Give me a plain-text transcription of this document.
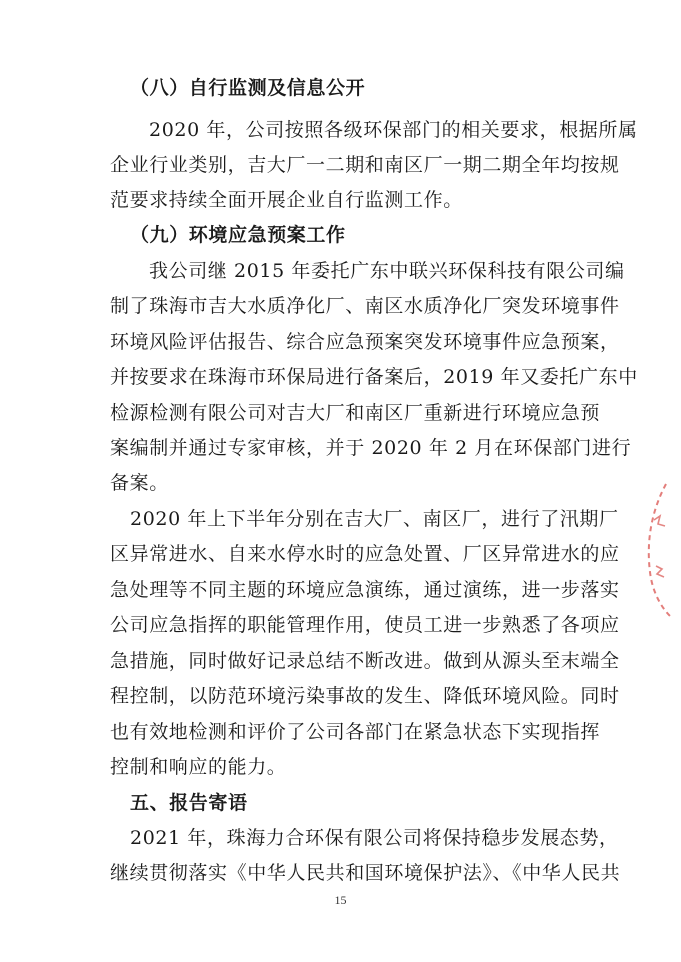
（八）自行监测及信息公开
2020 年，公司按照各级环保部门的相关要求，根据所属
企业行业类别，吉大厂一二期和南区厂一期二期全年均按规
范要求持续全面开展企业自行监测工作。
（九）环境应急预案工作
我公司继 2015 年委托广东中联兴环保科技有限公司编
制了珠海市吉大水质净化厂、南区水质净化厂突发环境事件
环境风险评估报告、综合应急预案突发环境事件应急预案，
并按要求在珠海市环保局进行备案后，2019 年又委托广东中
检源检测有限公司对吉大厂和南区厂重新进行环境应急预
案编制并通过专家审核，并于 2020 年 2 月在环保部门进行
备案。
2020 年上下半年分别在吉大厂、南区厂，进行了汛期厂
区异常进水、自来水停水时的应急处置、厂区异常进水的应
急处理等不同主题的环境应急演练，通过演练，进一步落实
公司应急指挥的职能管理作用，使员工进一步熟悉了各项应
急措施，同时做好记录总结不断改进。做到从源头至末端全
程控制，以防范环境污染事故的发生、降低环境风险。同时
也有效地检测和评价了公司各部门在紧急状态下实现指挥
控制和响应的能力。
五、报告寄语
2021 年，珠海力合环保有限公司将保持稳步发展态势，
继续贯彻落实《中华人民共和国环境保护法》、《中华人民共
15
